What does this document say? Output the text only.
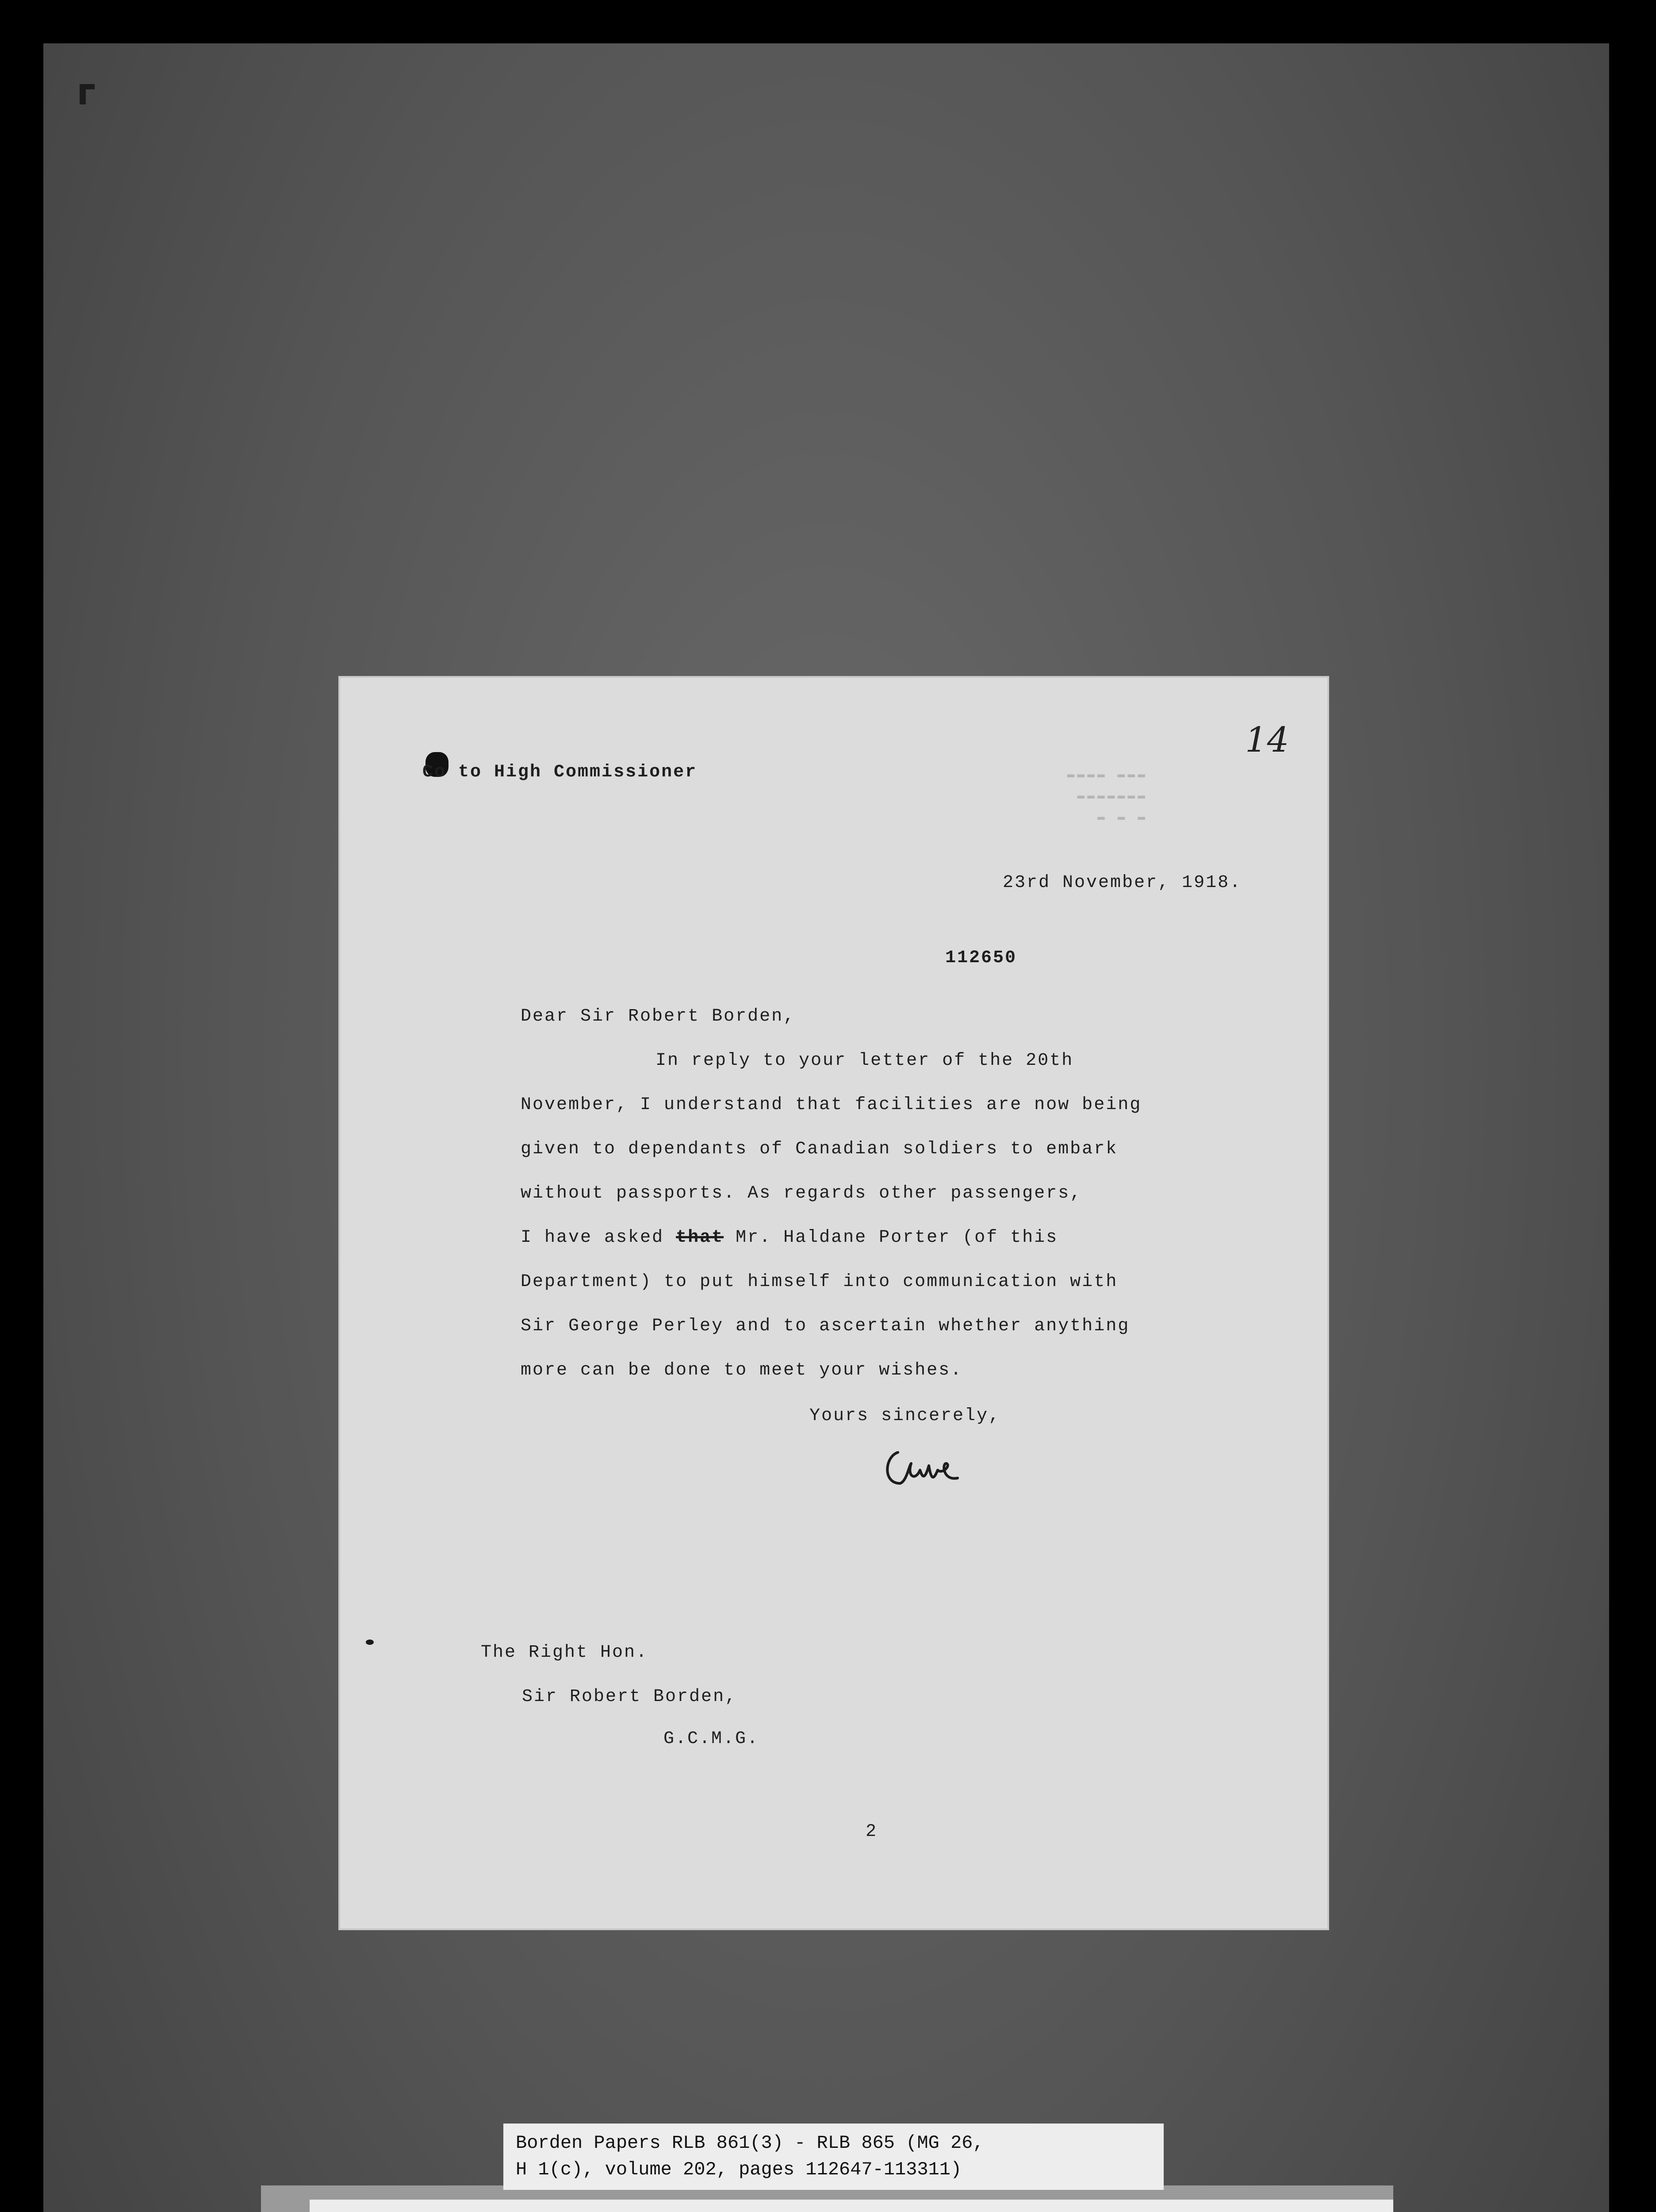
Co to High Commissioner
14
▬▬▬▬ ▬▬▬
▬▬▬▬▬▬▬
▬ ▬ ▬
23rd November, 1918.
112650
Dear Sir Robert Borden,
In reply to your letter of the 20th
November, I understand that facilities are now being
given to dependants of Canadian soldiers to embark
without passports. As regards other passengers,
I have asked that Mr. Haldane Porter (of this
Department) to put himself into communication with
Sir George Perley and to ascertain whether anything
more can be done to meet your wishes.
Yours sincerely,
The Right Hon.
Sir Robert Borden,
G.C.M.G.
2
Borden Papers RLB 861(3) - RLB 865 (MG 26,
H 1(c), volume 202, pages 112647-113311)
